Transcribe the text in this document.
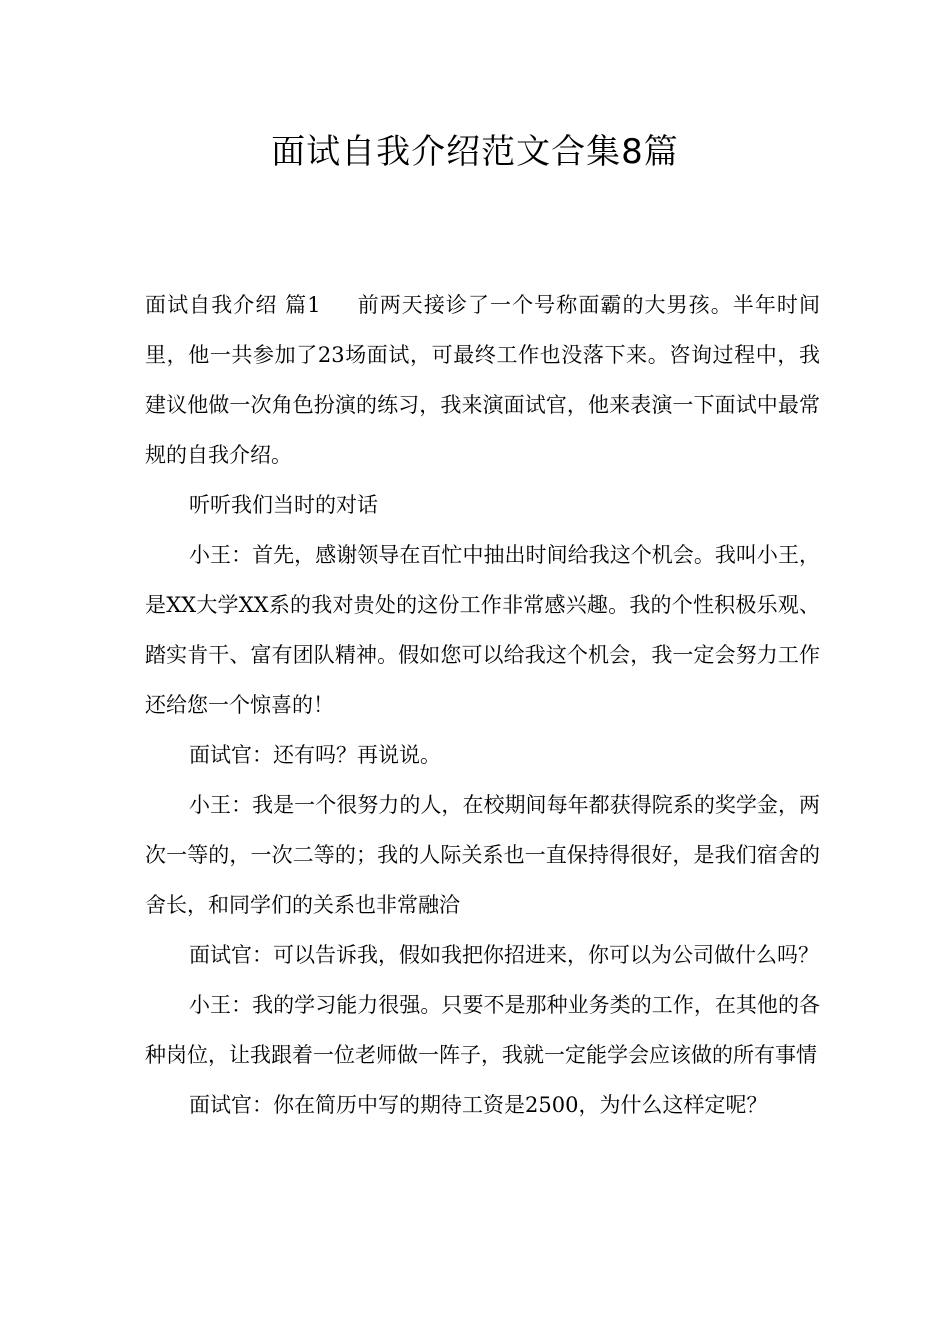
面试自我介绍范文合集8篇

面试自我介绍 篇1 前两天接诊了一个号称面霸的大男孩。半年时间里，他一共参加了23场面试，可最终工作也没落下来。咨询过程中，我建议他做一次角色扮演的练习，我来演面试官，他来表演一下面试中最常规的自我介绍。

听听我们当时的对话

小王：首先，感谢领导在百忙中抽出时间给我这个机会。我叫小王，是XX大学XX系的我对贵处的这份工作非常感兴趣。我的个性积极乐观、踏实肯干、富有团队精神。假如您可以给我这个机会，我一定会努力工作还给您一个惊喜的！

面试官：还有吗？再说说。

小王：我是一个很努力的人，在校期间每年都获得院系的奖学金，两次一等的，一次二等的；我的人际关系也一直保持得很好，是我们宿舍的舍长，和同学们的关系也非常融洽

面试官：可以告诉我，假如我把你招进来，你可以为公司做什么吗？

小王：我的学习能力很强。只要不是那种业务类的工作，在其他的各种岗位，让我跟着一位老师做一阵子，我就一定能学会应该做的所有事情

面试官：你在简历中写的期待工资是2500，为什么这样定呢？
